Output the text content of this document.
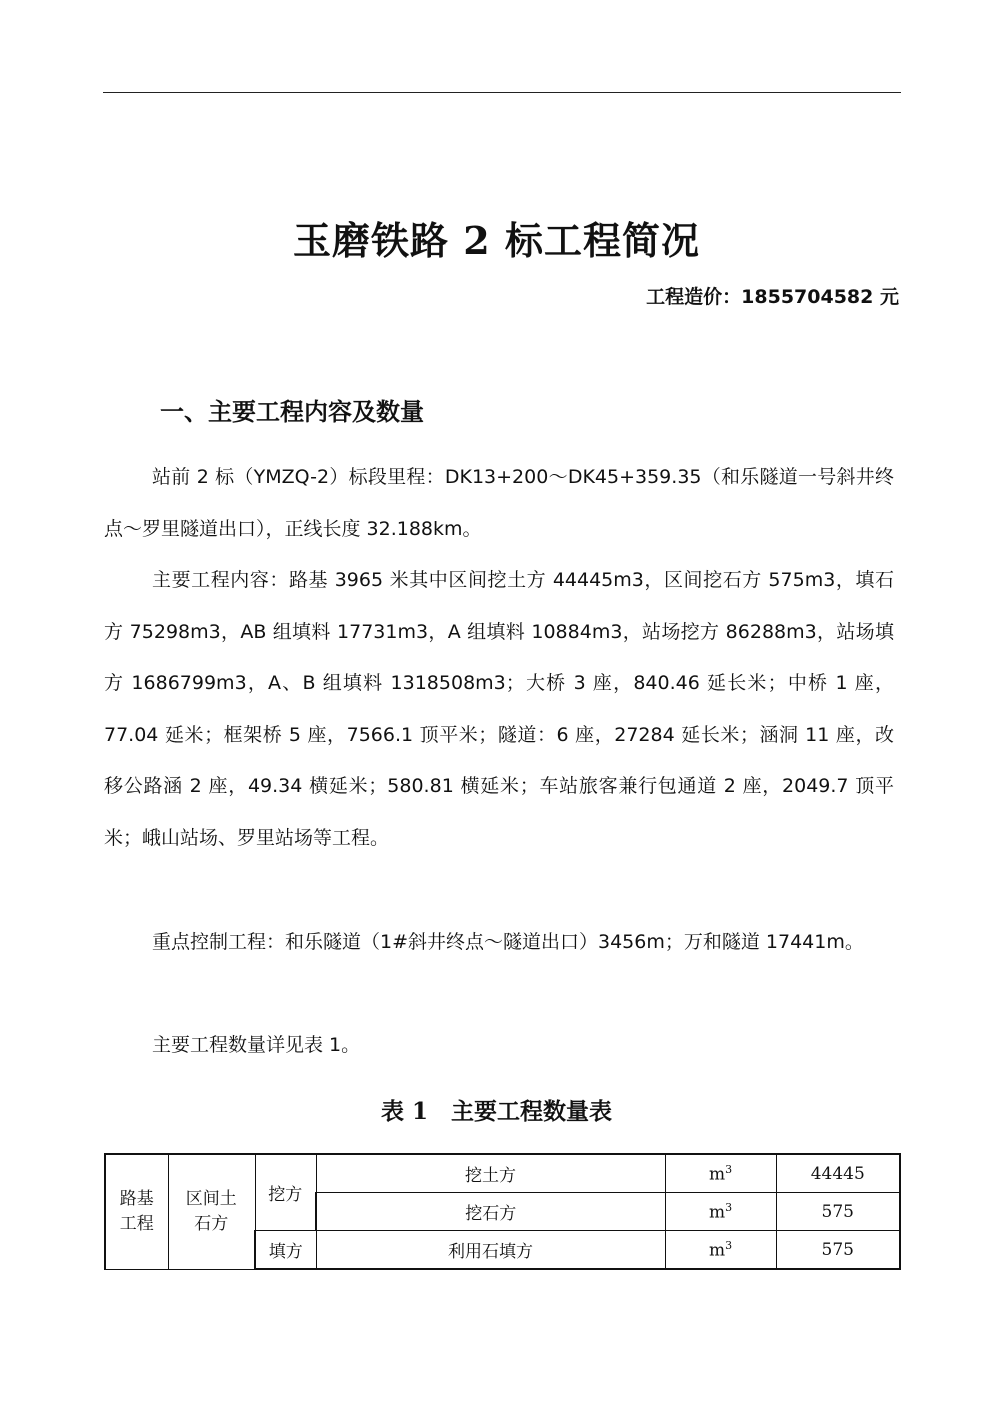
玉磨铁路 2 标工程简况
工程造价：1855704582 元
一、主要工程内容及数量

站前 2 标（YMZQ-2）标段里程：DK13+200～DK45+359.35（和乐隧道一号斜井终点～罗里隧道出口），正线长度 32.188km。

主要工程内容：路基 3965 米其中区间挖土方 44445m3，区间挖石方 575m3，填石方 75298m3，AB 组填料 17731m3，A 组填料 10884m3，站场挖方 86288m3，站场填方 1686799m3，A、B 组填料 1318508m3；大桥 3 座，840.46 延长米；中桥 1 座，77.04 延米；框架桥 5 座，7566.1 顶平米；隧道：6 座，27284 延长米；涵洞 11 座，改移公路涵 2 座，49.34 横延米；580.81 横延米；车站旅客兼行包通道 2 座，2049.7 顶平米；峨山站场、罗里站场等工程。

重点控制工程：和乐隧道（1#斜井终点～隧道出口）3456m；万和隧道 17441m。

主要工程数量详见表 1。

表 1　主要工程数量表
路基工程	区间土石方	挖方	挖土方	$m^3$	44445
			挖石方	$m^3$	575
		填方	利用石填方	$m^3$	575
